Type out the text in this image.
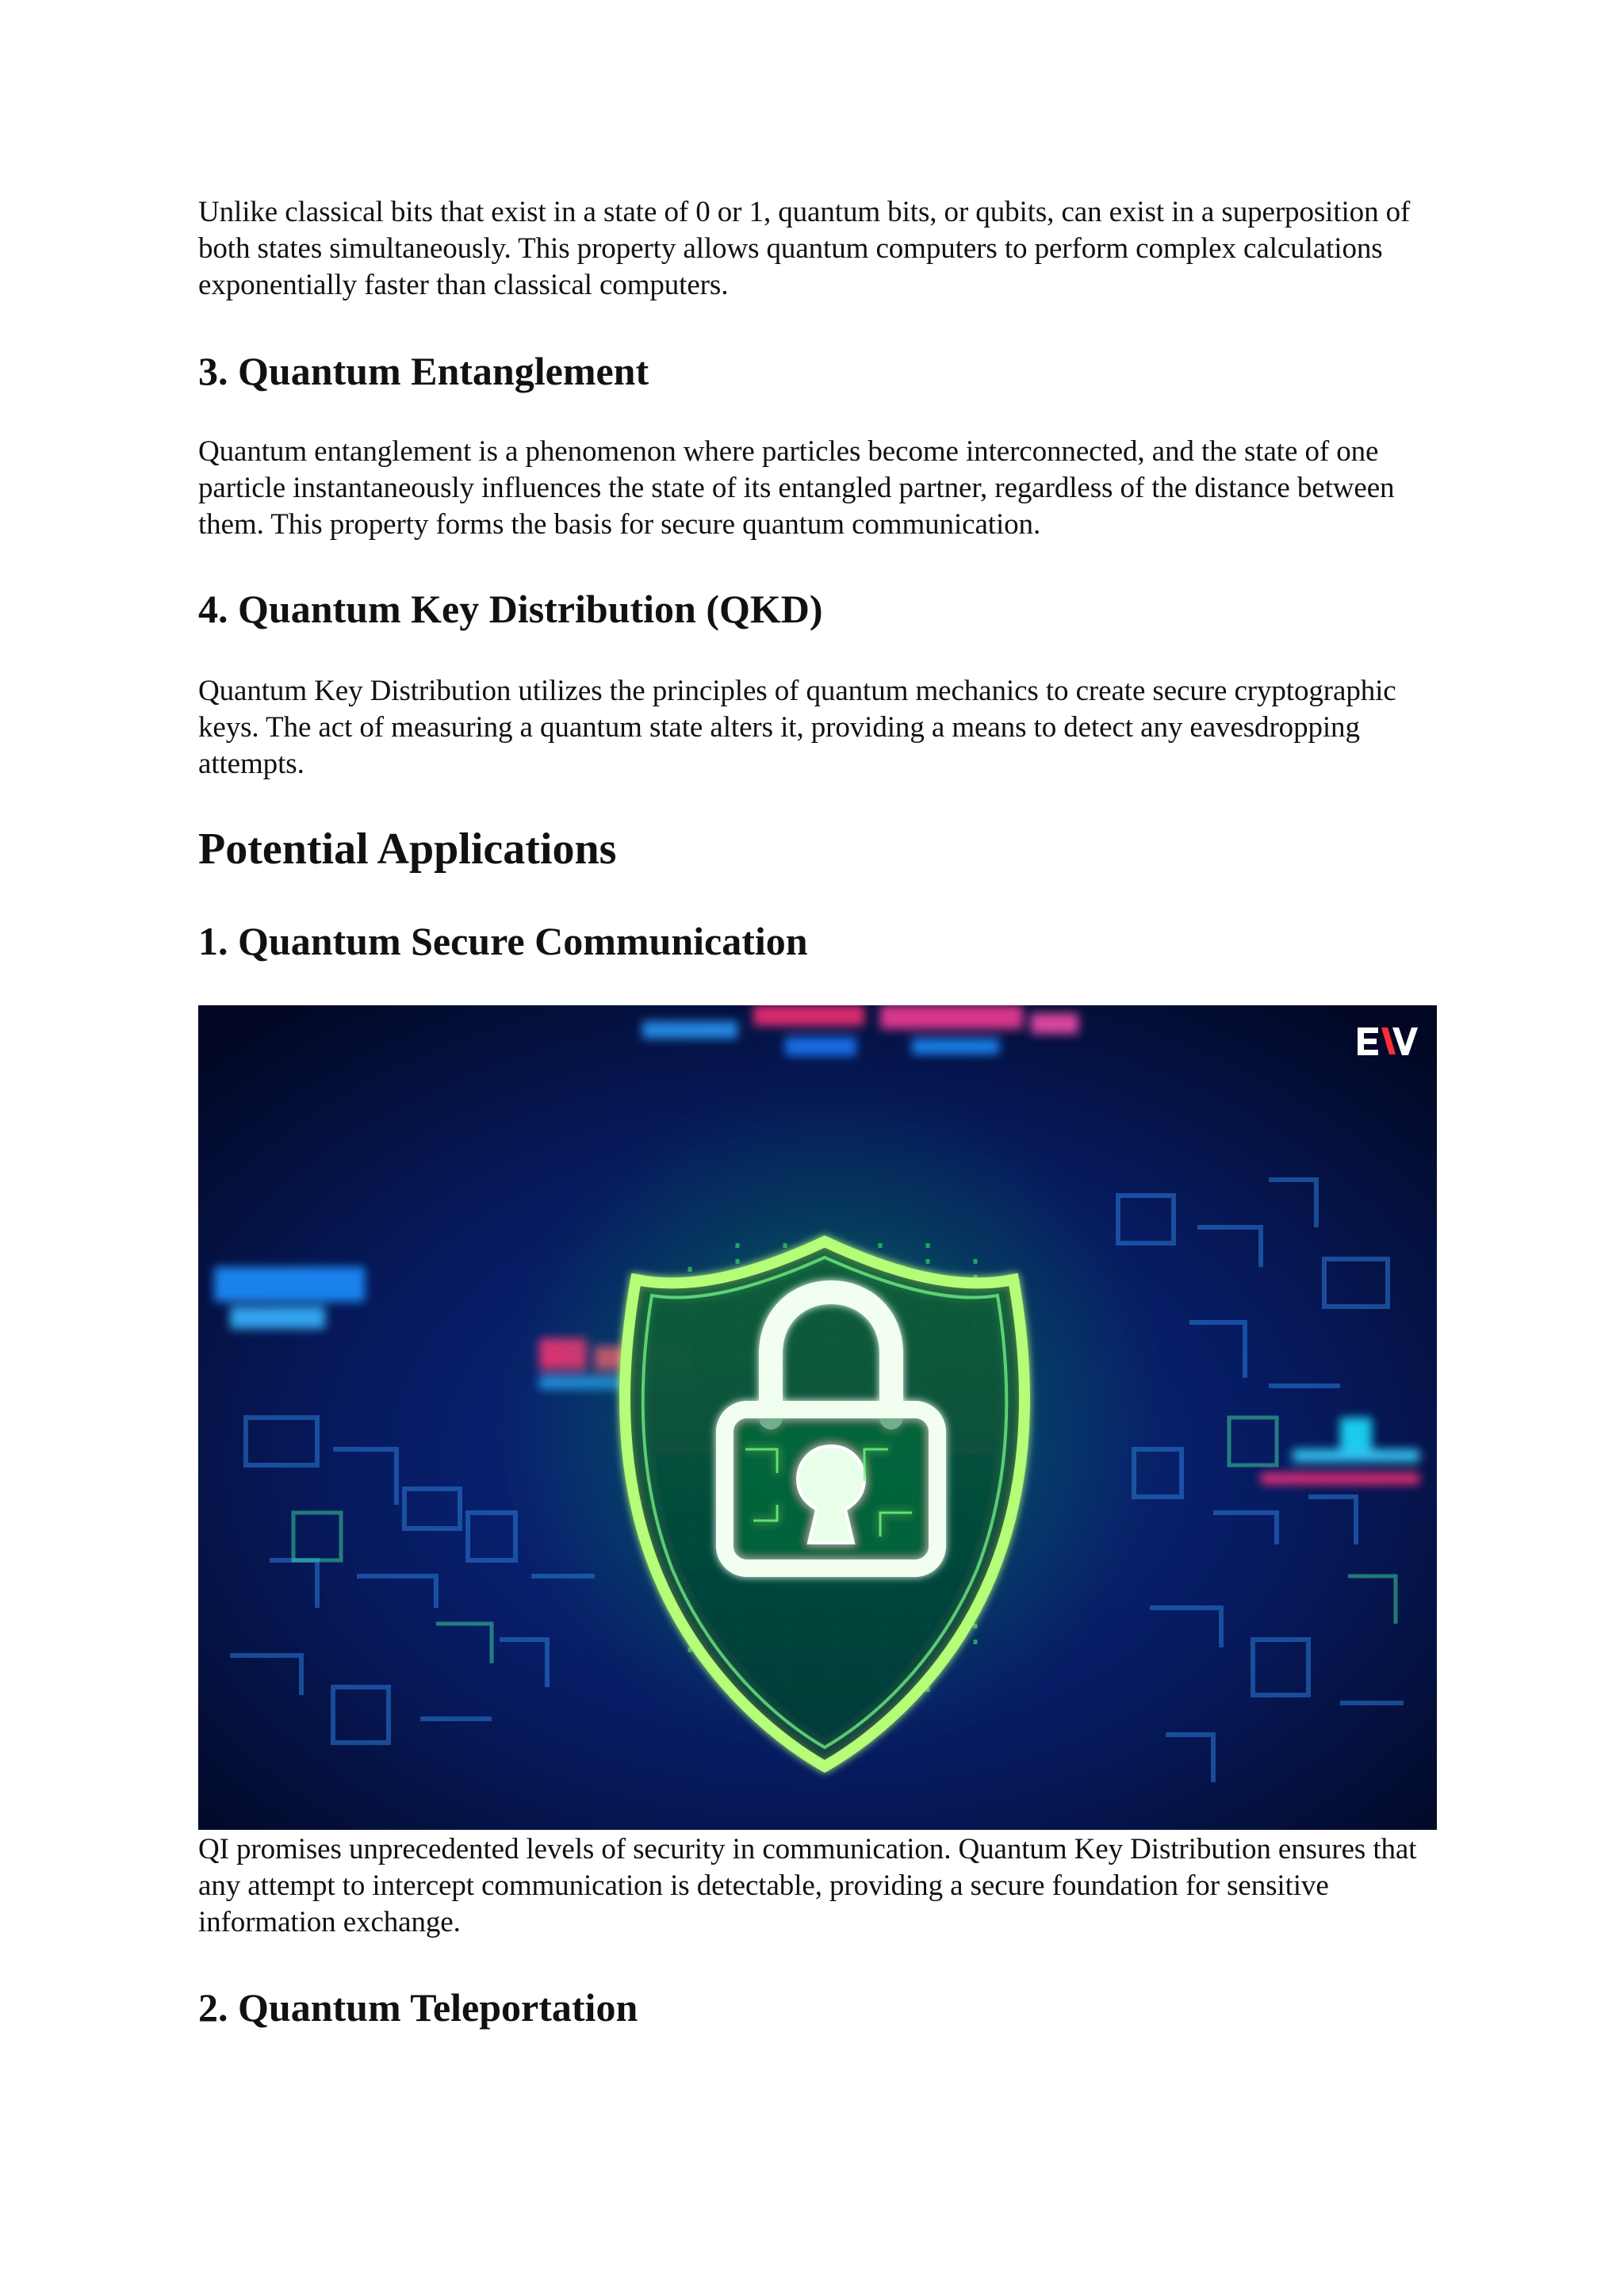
Unlike classical bits that exist in a state of 0 or 1, quantum bits, or qubits, can exist in a superposition of both states simultaneously. This property allows quantum computers to perform complex calculations exponentially faster than classical computers.

3. Quantum Entanglement

Quantum entanglement is a phenomenon where particles become interconnected, and the state of one particle instantaneously influences the state of its entangled partner, regardless of the distance between them. This property forms the basis for secure quantum communication.

4. Quantum Key Distribution (QKD)

Quantum Key Distribution utilizes the principles of quantum mechanics to create secure cryptographic keys. The act of measuring a quantum state alters it, providing a means to detect any eavesdropping attempts.

Potential Applications
1. Quantum Secure Communication

QI promises unprecedented levels of security in communication. Quantum Key Distribution ensures that any attempt to intercept communication is detectable, providing a secure foundation for sensitive information exchange.

2. Quantum Teleportation
